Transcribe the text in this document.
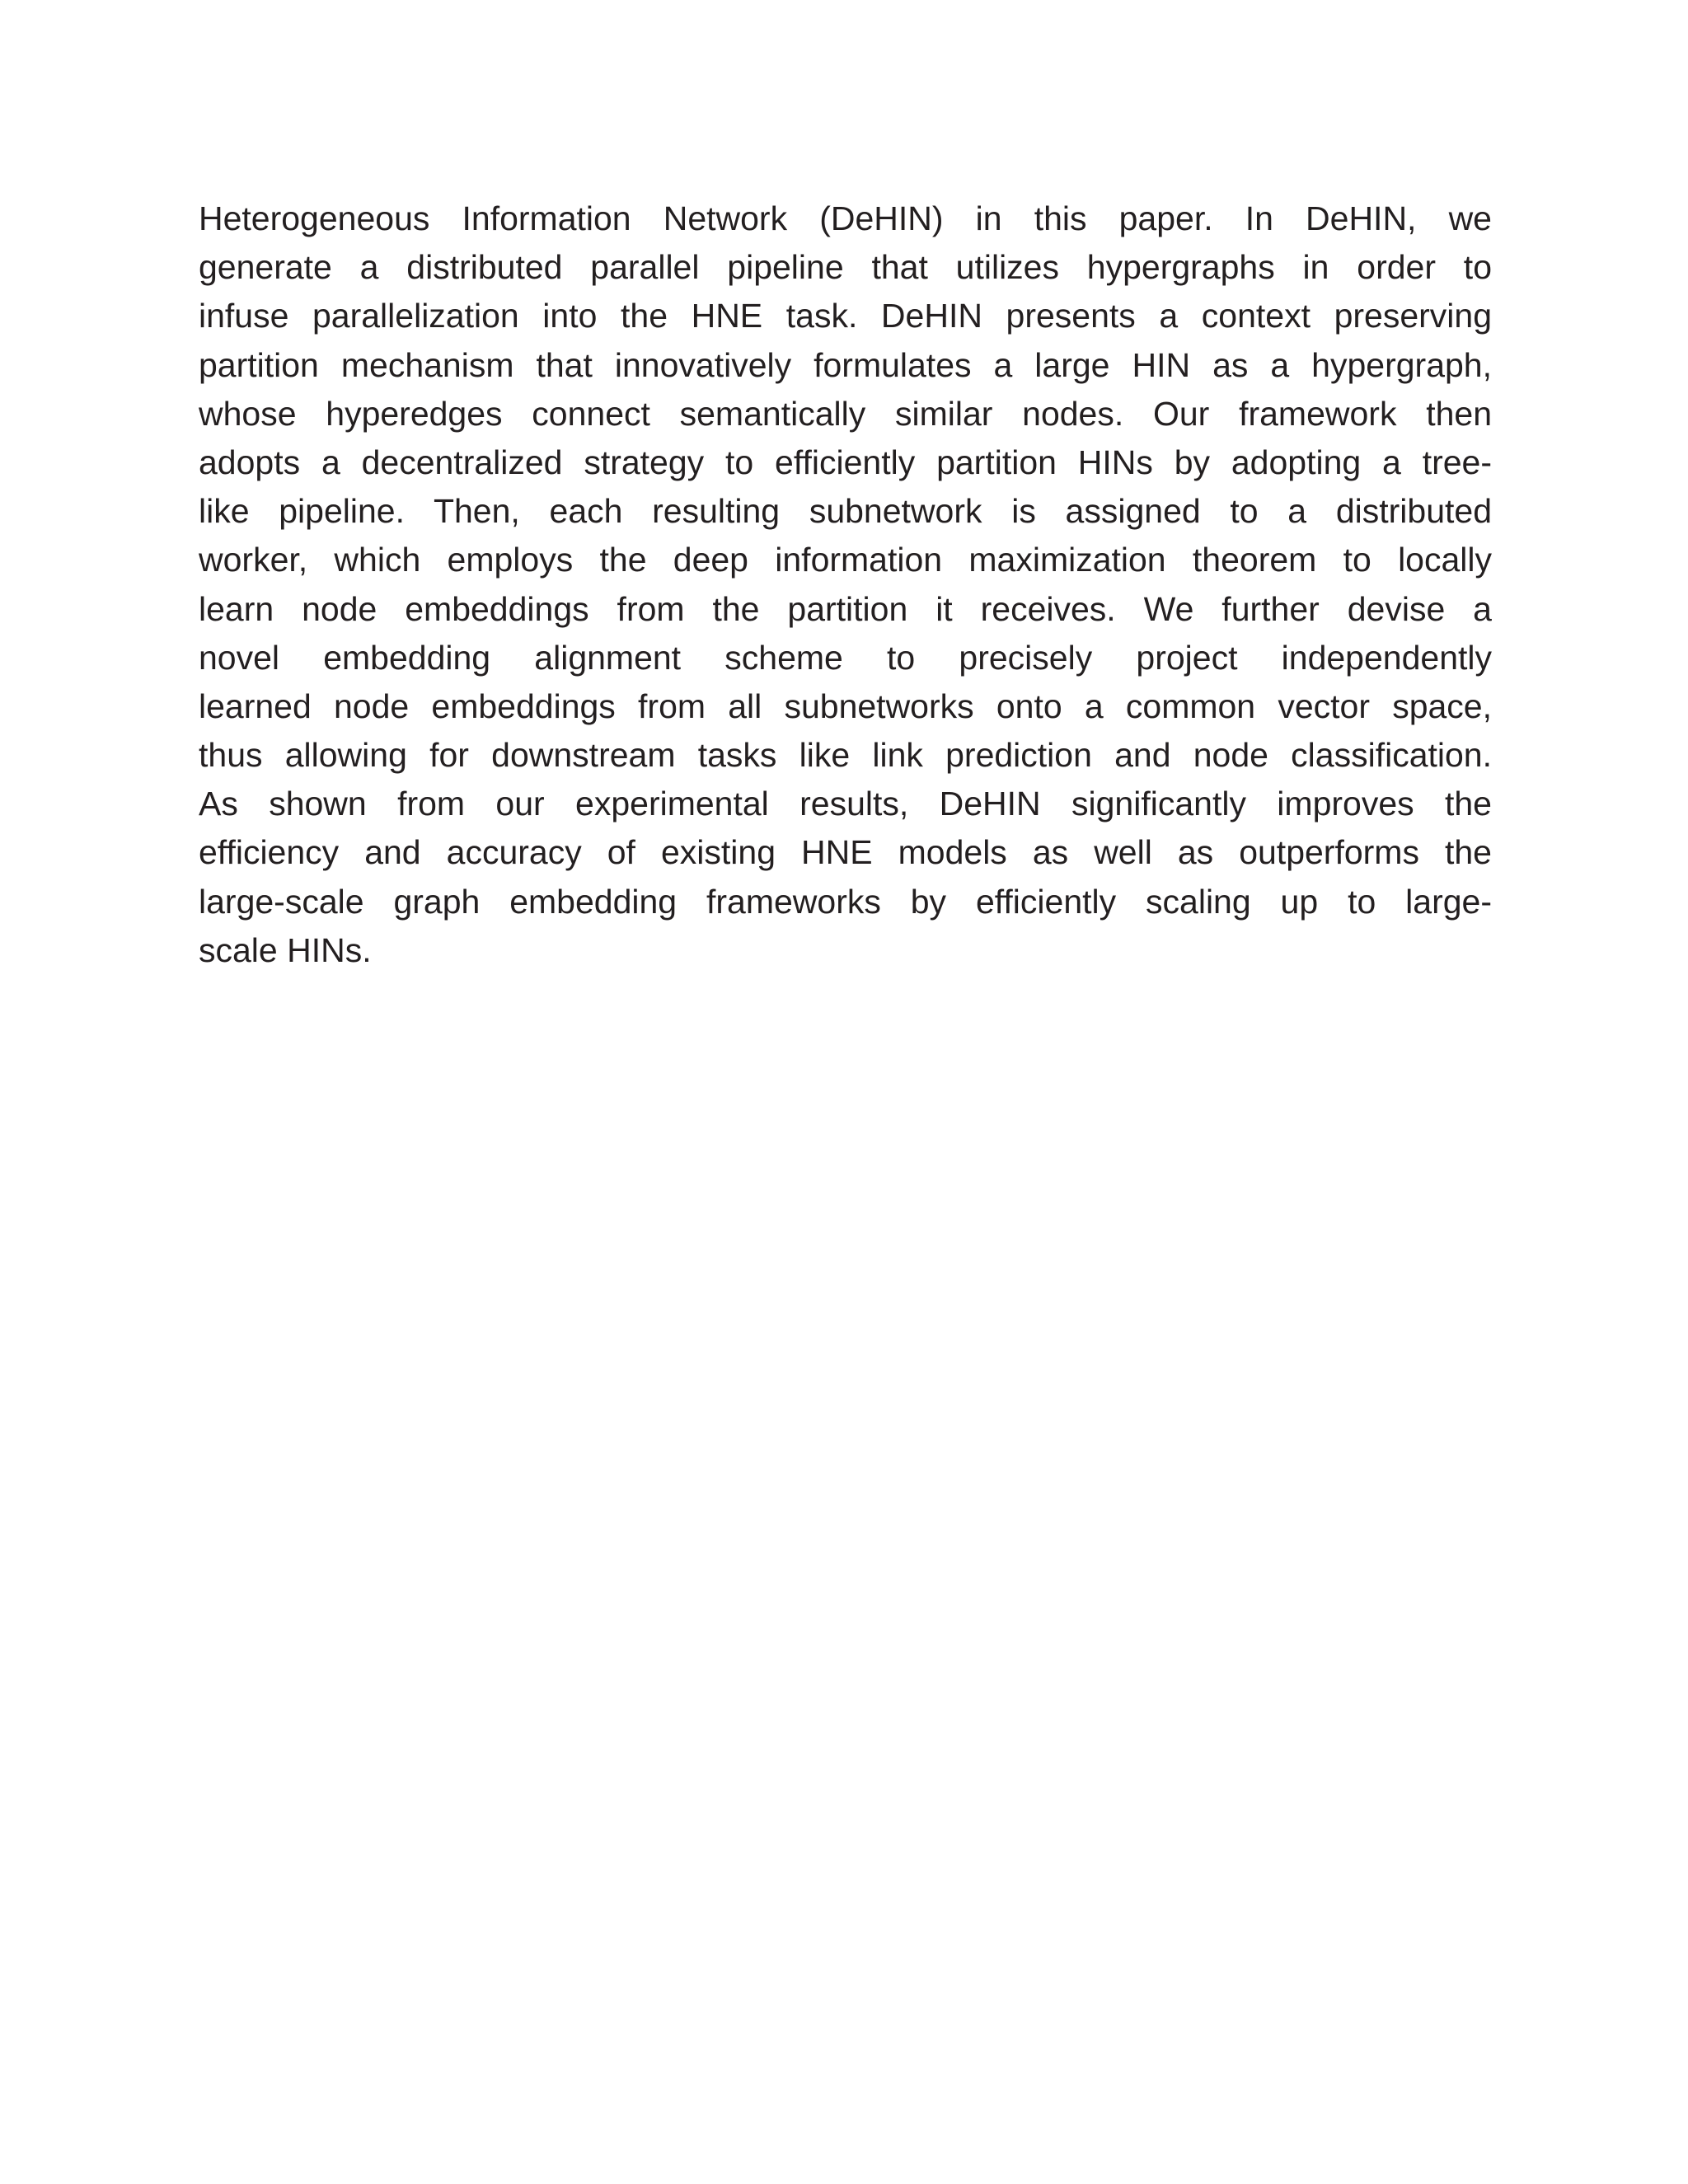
Heterogeneous Information Network (DeHIN) in this paper. In DeHIN, we
generate a distributed parallel pipeline that utilizes hypergraphs in order to
infuse parallelization into the HNE task. DeHIN presents a context preserving
partition mechanism that innovatively formulates a large HIN as a hypergraph,
whose hyperedges connect semantically similar nodes. Our framework then
adopts a decentralized strategy to efficiently partition HINs by adopting a tree-
like pipeline. Then, each resulting subnetwork is assigned to a distributed
worker, which employs the deep information maximization theorem to locally
learn node embeddings from the partition it receives. We further devise a
novel embedding alignment scheme to precisely project independently
learned node embeddings from all subnetworks onto a common vector space,
thus allowing for downstream tasks like link prediction and node classification.
As shown from our experimental results, DeHIN significantly improves the
efficiency and accuracy of existing HNE models as well as outperforms the
large-scale graph embedding frameworks by efficiently scaling up to large-
scale HINs.
